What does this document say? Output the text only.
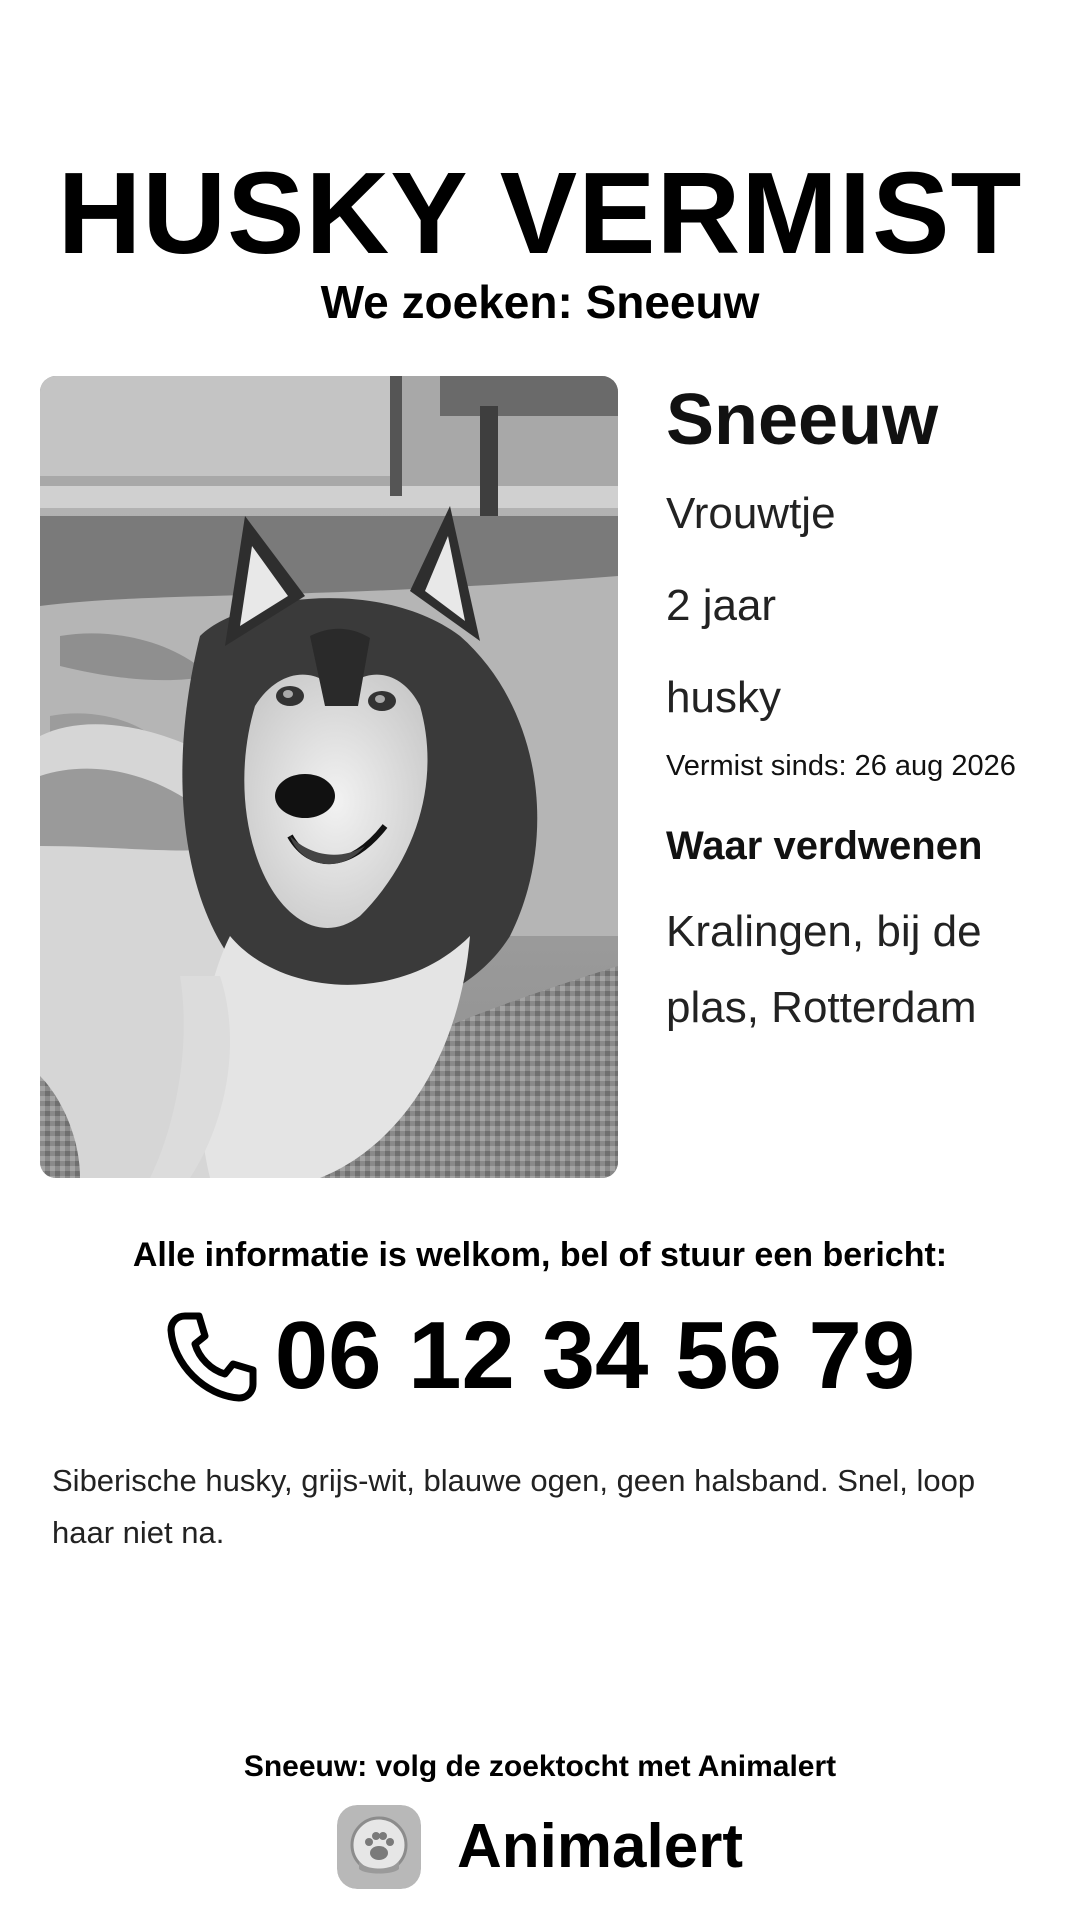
HUSKY VERMIST
We zoeken: Sneeuw
Sneeuw
Vrouwtje
2 jaar
husky
Vermist sinds: 26 aug 2026
Waar verdwenen
Kralingen, bij de plas, Rotterdam
Alle informatie is welkom, bel of stuur een bericht:
06 12 34 56 79

Siberische husky, grijs-wit, blauwe ogen, geen halsband. Snel, loop haar niet na.

Sneeuw: volg de zoektocht met Animalert
Animalert
